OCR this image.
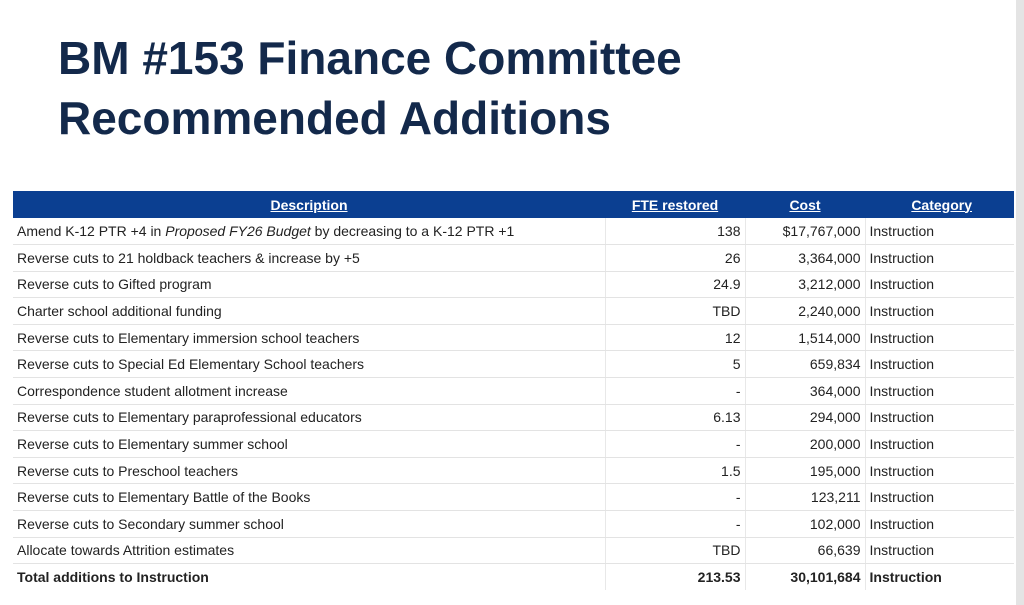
BM #153 Finance Committee
Recommended Additions
Description	FTE restored	Cost	Category
Amend K-12 PTR +4 in Proposed FY26 Budget by decreasing to a K-12 PTR +1	138	$17,767,000	Instruction
Reverse cuts to 21 holdback teachers & increase by +5	26	3,364,000	Instruction
Reverse cuts to Gifted program	24.9	3,212,000	Instruction
Charter school additional funding	TBD	2,240,000	Instruction
Reverse cuts to Elementary immersion school teachers	12	1,514,000	Instruction
Reverse cuts to Special Ed Elementary School teachers	5	659,834	Instruction
Correspondence student allotment increase	-	364,000	Instruction
Reverse cuts to Elementary paraprofessional educators	6.13	294,000	Instruction
Reverse cuts to Elementary summer school	-	200,000	Instruction
Reverse cuts to Preschool teachers	1.5	195,000	Instruction
Reverse cuts to Elementary Battle of the Books	-	123,211	Instruction
Reverse cuts to Secondary summer school	-	102,000	Instruction
Allocate towards Attrition estimates	TBD	66,639	Instruction
Total additions to Instruction	213.53	30,101,684	Instruction
